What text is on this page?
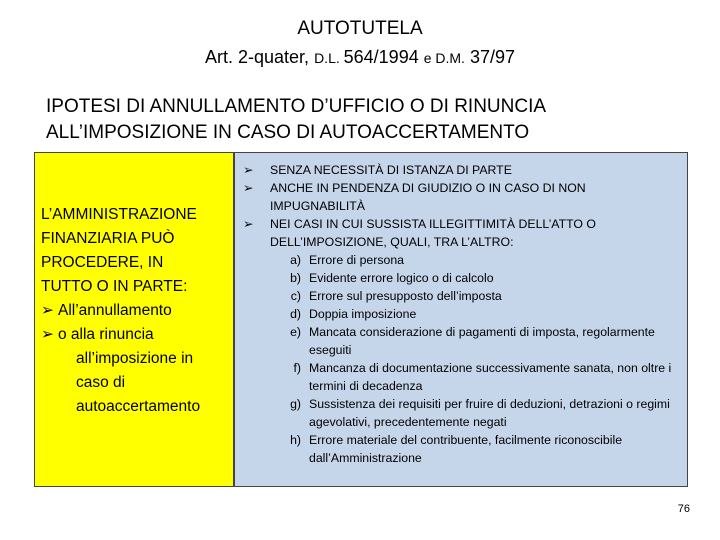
AUTOTUTELA
Art. 2-quater, D.L. 564/1994 e D.M. 37/97
IPOTESI DI ANNULLAMENTO D’UFFICIO O DI RINUNCIA
ALL’IMPOSIZIONE IN CASO DI AUTOACCERTAMENTO
L’AMMINISTRAZIONE
FINANZIARIA PUÒ
PROCEDERE, IN
TUTTO O IN PARTE:
➢ All’annullamento
➢ o alla rinuncia
all’imposizione in
caso di
autoaccertamento
➢	SENZA NECESSITÀ DI ISTANZA DI PARTE
➢	ANCHE IN PENDENZA DI GIUDIZIO O IN CASO DI NON IMPUGNABILITÀ
➢	NEI CASI IN CUI SUSSISTA ILLEGITTIMITÀ DELL’ATTO O DELL’IMPOSIZIONE, QUALI, TRA L’ALTRO:
a) Errore di persona
b) Evidente errore logico o di calcolo
c) Errore sul presupposto dell’imposta
d) Doppia imposizione
e) Mancata considerazione di pagamenti di imposta, regolarmente eseguiti
f) Mancanza di documentazione successivamente sanata, non oltre i termini di decadenza
g) Sussistenza dei requisiti per fruire di deduzioni, detrazioni o regimi agevolativi, precedentemente negati
h) Errore materiale del contribuente, facilmente riconoscibile dall’Amministrazione
76
